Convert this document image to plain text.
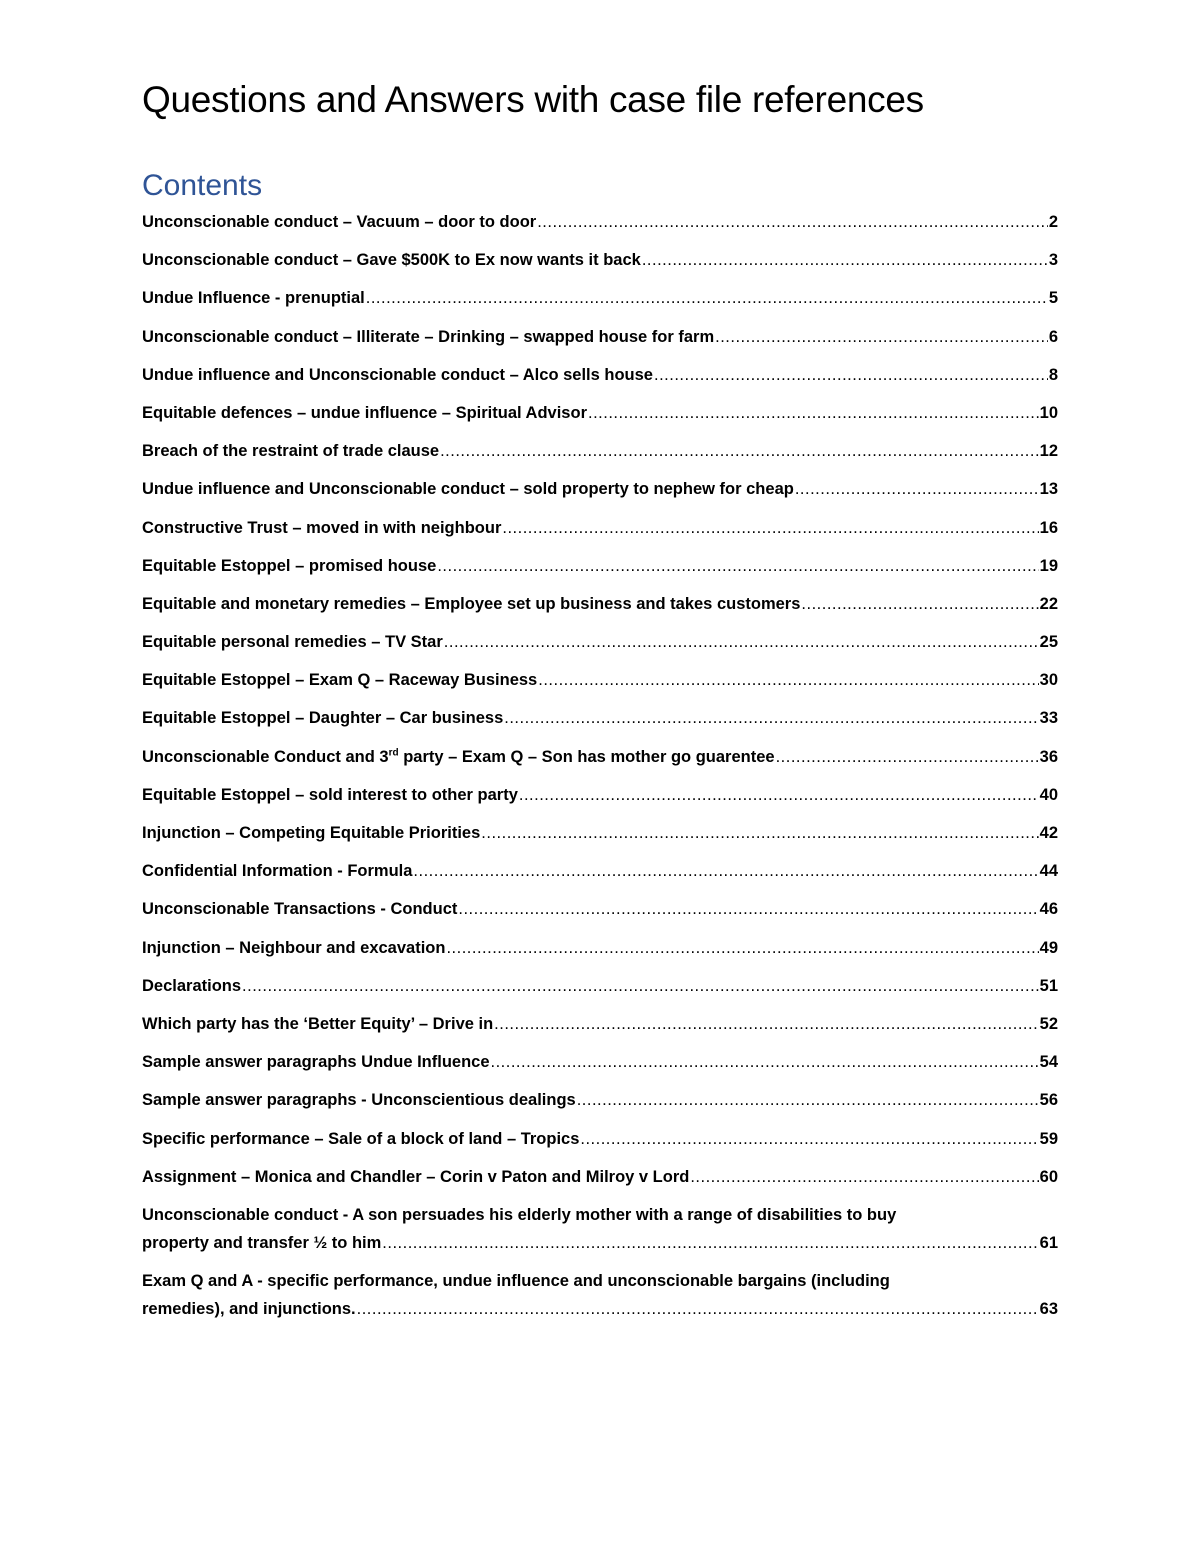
Questions and Answers with case file references
Contents
Unconscionable conduct – Vacuum – door to door .....	2
Unconscionable conduct – Gave $500K to Ex now wants it back .....	3
Undue Influence - prenuptial .....	5
Unconscionable conduct – Illiterate – Drinking – swapped house for farm .....	6
Undue influence and Unconscionable conduct – Alco sells house .....	8
Equitable defences – undue influence – Spiritual Advisor .....	10
Breach of the restraint of trade clause .....	12
Undue influence and Unconscionable conduct – sold property to nephew for cheap .....	13
Constructive Trust – moved in with neighbour .....	16
Equitable Estoppel – promised house .....	19
Equitable and monetary remedies – Employee set up business and takes customers .....	22
Equitable personal remedies – TV Star .....	25
Equitable Estoppel – Exam Q – Raceway Business .....	30
Equitable Estoppel – Daughter – Car business .....	33
Unconscionable Conduct and 3rd party – Exam Q – Son has mother go guarentee .....	36
Equitable Estoppel – sold interest to other party .....	40
Injunction – Competing Equitable Priorities .....	42
Confidential Information - Formula .....	44
Unconscionable Transactions - Conduct .....	46
Injunction – Neighbour and excavation .....	49
Declarations .....	51
Which party has the ‘Better Equity’ – Drive in .....	52
Sample answer paragraphs Undue Influence .....	54
Sample answer paragraphs - Unconscientious dealings .....	56
Specific performance – Sale of a block of land – Tropics .....	59
Assignment – Monica and Chandler – Corin v Paton and Milroy v Lord .....	60
Unconscionable conduct - A son persuades his elderly mother with a range of disabilities to buy
property and transfer ½ to him .....	61
Exam Q and A - specific performance, undue influence and unconscionable bargains (including
remedies), and injunctions. .....	63
